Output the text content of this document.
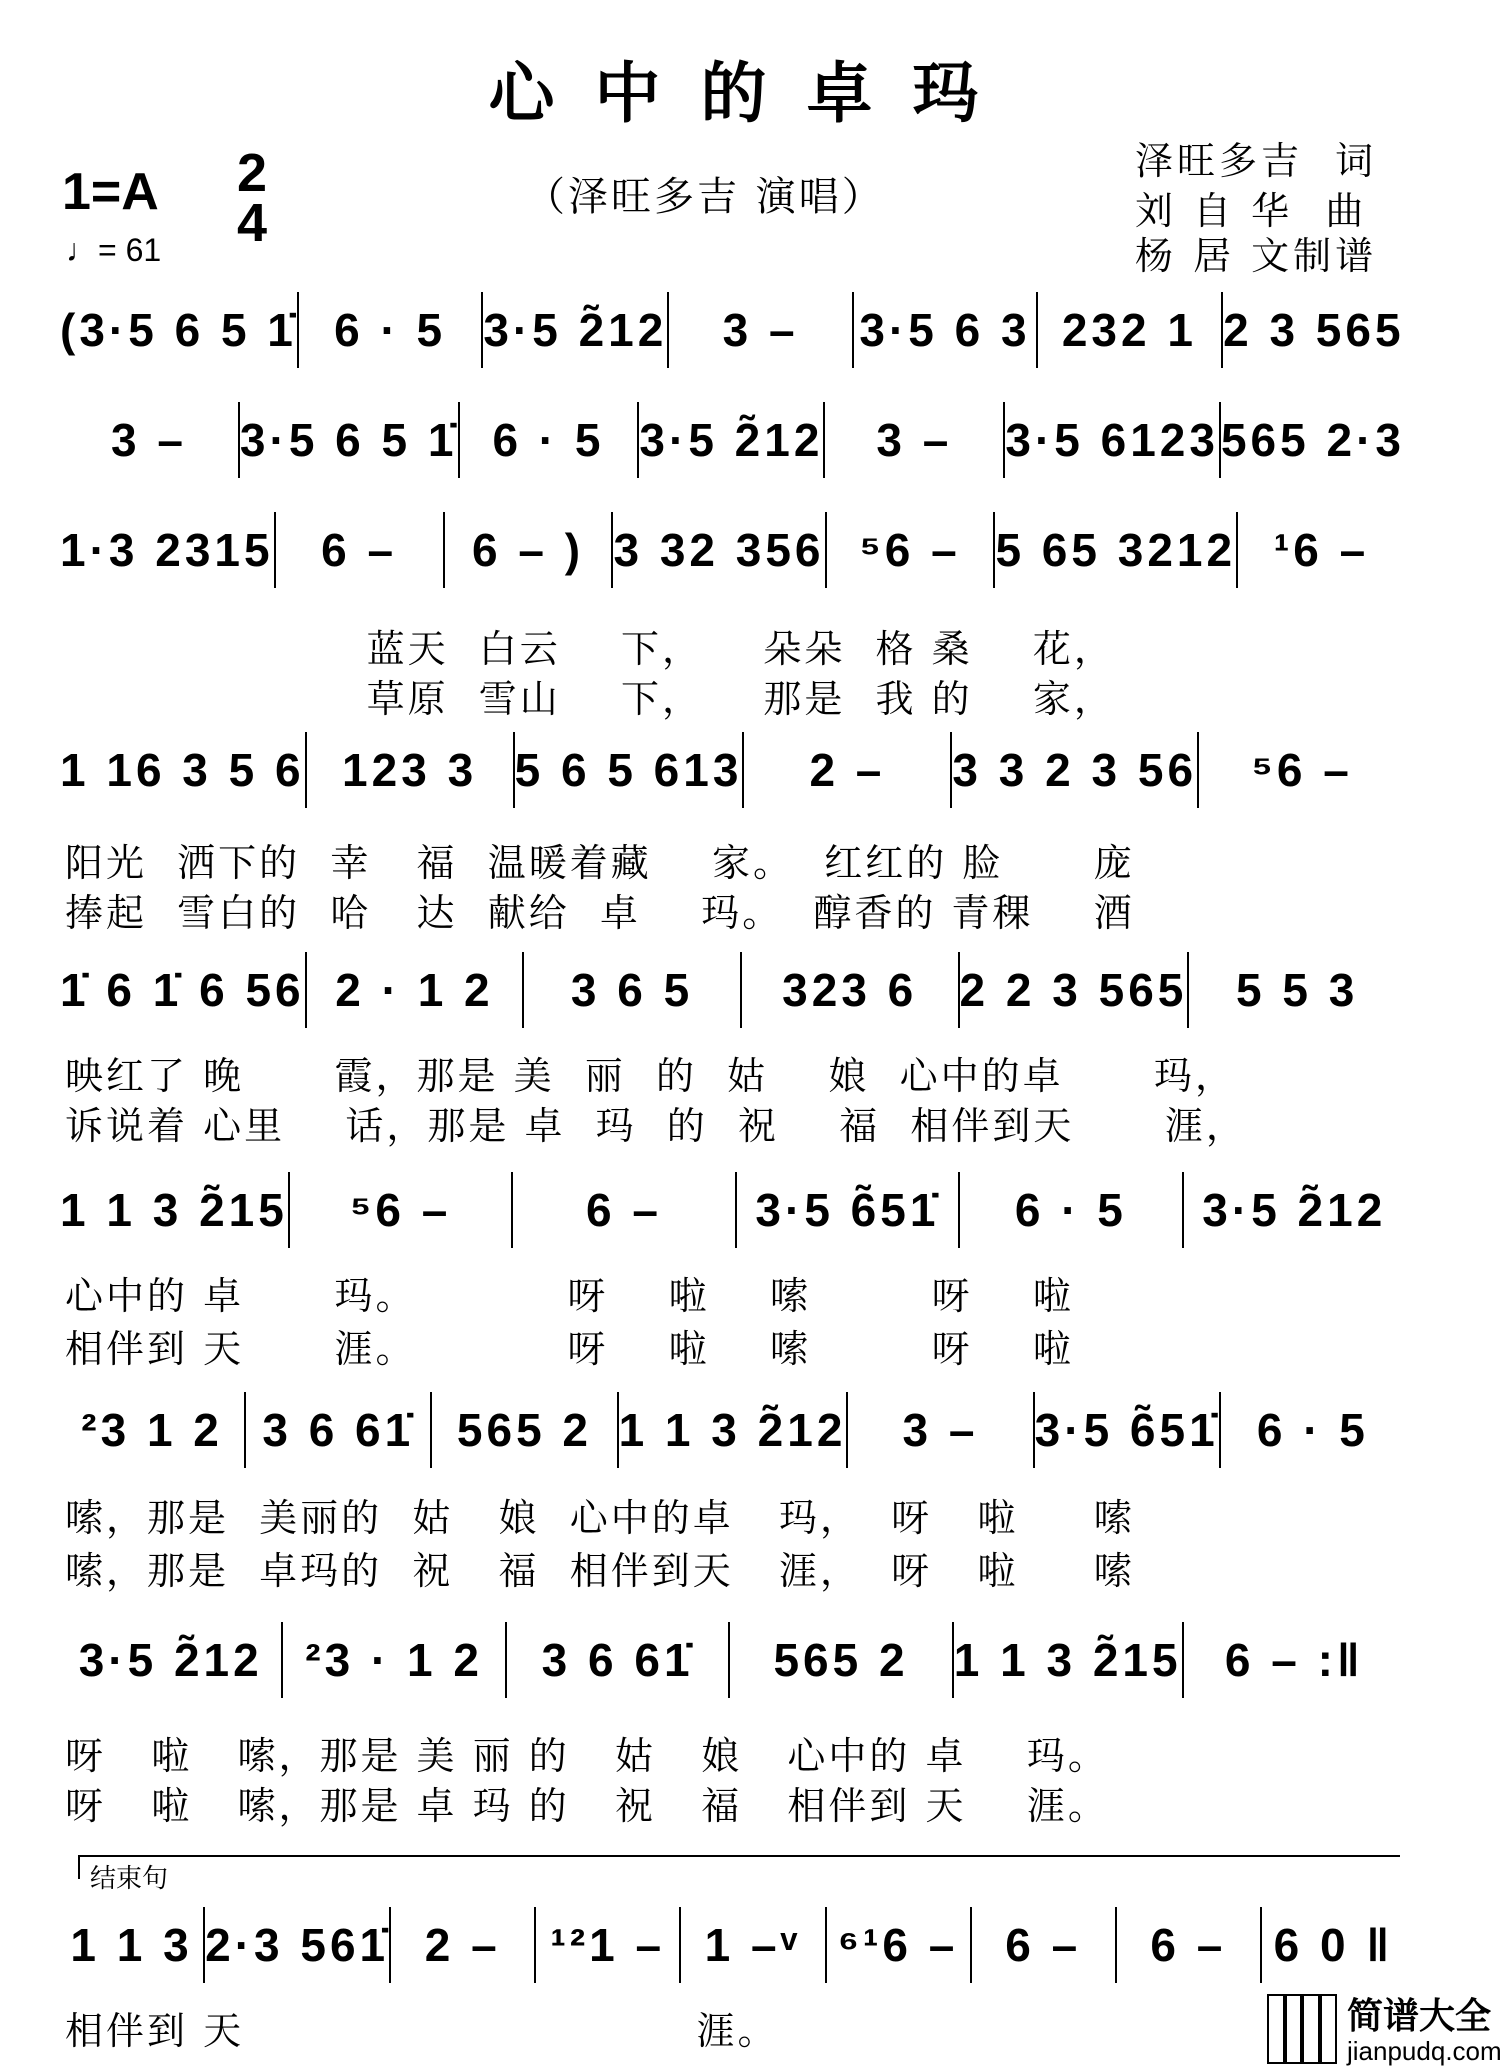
心中的卓玛
1=A 2
4
♩= 61
（泽旺多吉 演唱）
泽旺多吉  词
刘 自 华  曲
杨 居 文制谱
(3·5 6 5 1̇ 6 · 5 3·5 2̃12	3 –	3·5 6 3 232 1 2 3 565
3 –	3·5 6 5 1̇ 6 · 5 3·5 2̃12	3 –	3·5 6123 565 2·3
1·3 2315	6 –	6 – ) 3 32 356 ⁵6 – 5 65 3212 ¹6 –
蓝天  白云    下，    朵朵  格 桑    花，
草原  雪山    下，    那是  我 的    家，
1 16 3 5 6 123 3 5 6 5 613	2 –	3 3 2 3 56	⁵6 –
阳光  洒下的  幸   福  温暖着藏    家。  红红的 脸      庞
捧起  雪白的  哈   达  献给  卓    玛。  醇香的 青稞    酒
1̇ 6 1̇ 6 56 2 · 1 2	3 6 5	323 6 2 2 3 565	5 5 3
映红了 晚      霞，那是 美  丽  的  姑    娘  心中的卓      玛，
诉说着 心里    话，那是 卓  玛  的  祝    福  相伴到天      涯，
1 1 3 2̃15	⁵6 –	6 –	3·5 6̃51̇	6 · 5	3·5 2̃12
心中的 卓      玛。          呀    啦    嗦        呀    啦
相伴到 天      涯。          呀    啦    嗦        呀    啦
²3 1 2 3 6 61̇ 565 2 1 1 3 2̃12	3 –	3·5 6̃51̇ 6 · 5
嗦，那是  美丽的  姑   娘  心中的卓   玛，  呀   啦     嗦
嗦，那是  卓玛的  祝   福  相伴到天   涯，  呀   啦     嗦
3·5 2̃12 ²3 · 1 2	3 6 61̇	565 2 1 1 3 2̃15 6 – :‖
呀   啦   嗦，那是 美 丽 的   姑   娘   心中的 卓    玛。
呀   啦   嗦，那是 卓 玛 的   祝   福   相伴到 天    涯。
结束句
1 1 3 2·3 561̇ 2 –	¹²1 – 1 –ᵛ ⁶¹6 –	6 –	6 –	6 0 ‖
相伴到 天                              涯。	简谱大全
jianpudq.com
